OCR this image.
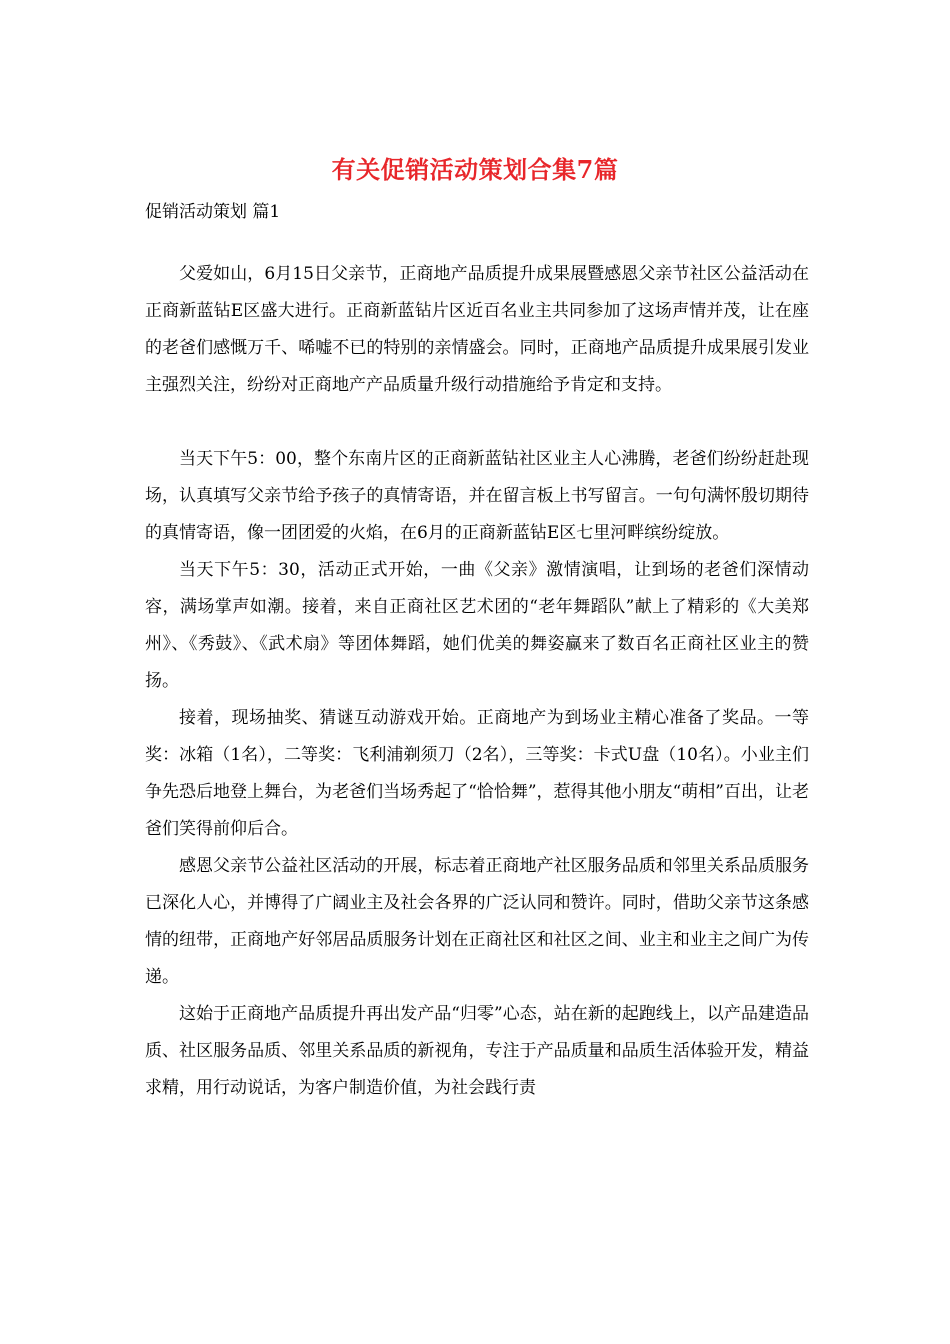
有关促销活动策划合集7篇
促销活动策划 篇1

父爱如山，6月15日父亲节，正商地产品质提升成果展暨感恩父亲节社区公益活动在正商新蓝钻E区盛大进行。正商新蓝钻片区近百名业主共同参加了这场声情并茂，让在座的老爸们感慨万千、唏嘘不已的特别的亲情盛会。同时，正商地产品质提升成果展引发业主强烈关注，纷纷对正商地产产品质量升级行动措施给予肯定和支持。

当天下午5：00，整个东南片区的正商新蓝钻社区业主人心沸腾，老爸们纷纷赶赴现场，认真填写父亲节给予孩子的真情寄语，并在留言板上书写留言。一句句满怀殷切期待的真情寄语，像一团团爱的火焰，在6月的正商新蓝钻E区七里河畔缤纷绽放。

当天下午5：30，活动正式开始，一曲《父亲》激情演唱，让到场的老爸们深情动容，满场掌声如潮。接着，来自正商社区艺术团的“老年舞蹈队”献上了精彩的《大美郑州》、《秀鼓》、《武术扇》等团体舞蹈，她们优美的舞姿赢来了数百名正商社区业主的赞扬。

接着，现场抽奖、猜谜互动游戏开始。正商地产为到场业主精心准备了奖品。一等奖：冰箱（1名），二等奖：飞利浦剃须刀（2名），三等奖：卡式U盘（10名）。小业主们争先恐后地登上舞台，为老爸们当场秀起了“恰恰舞”，惹得其他小朋友“萌相”百出，让老爸们笑得前仰后合。

感恩父亲节公益社区活动的开展，标志着正商地产社区服务品质和邻里关系品质服务已深化人心，并博得了广阔业主及社会各界的广泛认同和赞许。同时，借助父亲节这条感情的纽带，正商地产好邻居品质服务计划在正商社区和社区之间、业主和业主之间广为传递。

这始于正商地产品质提升再出发产品“归零”心态，站在新的起跑线上，以产品建造品质、社区服务品质、邻里关系品质的新视角，专注于产品质量和品质生活体验开发，精益求精，用行动说话，为客户制造价值，为社会践行责
